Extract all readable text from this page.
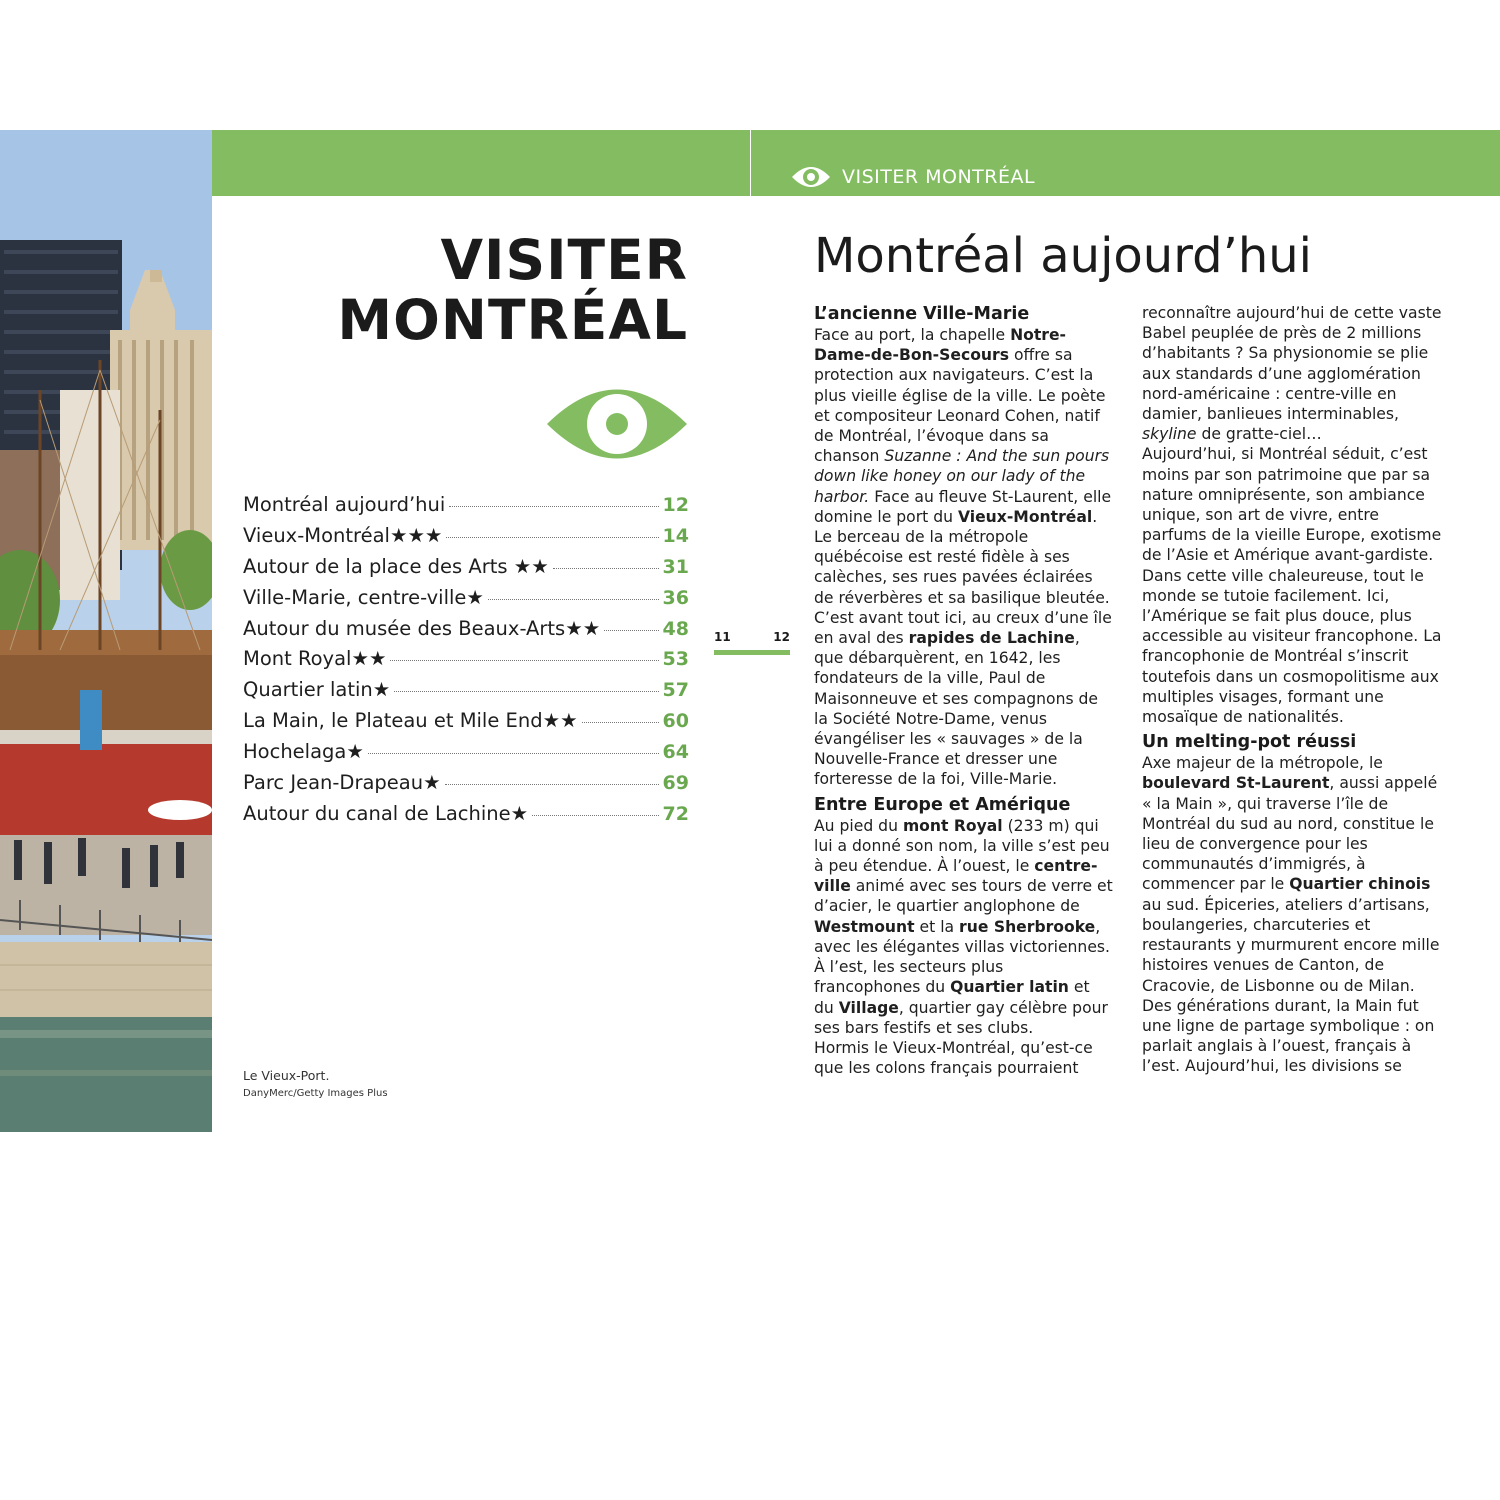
VISITER MONTRÉAL
VISITER
MONTRÉAL
Montréal aujourd’hui	12
Vieux-Montréal★★★	14
Autour de la place des Arts ★★	31
Ville-Marie, centre-ville★	36
Autour du musée des Beaux-Arts★★	48
Mont Royal★★	53
Quartier latin★	57
La Main, le Plateau et Mile End★★	60
Hochelaga★	64
Parc Jean-Drapeau★	69
Autour du canal de Lachine★	72
Le Vieux-Port.
DanyMerc/Getty Images Plus
11	12
Montréal aujourd’hui
L’ancienne Ville-Marie

Face au port, la chapelle Notre-Dame-de-Bon-Secours offre sa protection aux navigateurs. C’est la plus vieille église de la ville. Le poète et compositeur Leonard Cohen, natif de Montréal, l’évoque dans sa chanson Suzanne : And the sun pours down like honey on our lady of the harbor. Face au fleuve St-Laurent, elle domine le port du Vieux-Montréal. Le berceau de la métropole québécoise est resté fidèle à ses calèches, ses rues pavées éclairées de réverbères et sa basilique bleutée.

C’est avant tout ici, au creux d’une île en aval des rapides de Lachine, que débarquèrent, en 1642, les fondateurs de la ville, Paul de Maisonneuve et ses compagnons de la Société Notre-Dame, venus évangéliser les « sauvages » de la Nouvelle-France et dresser une forteresse de la foi, Ville-Marie.

Entre Europe et Amérique

Au pied du mont Royal (233 m) qui lui a donné son nom, la ville s’est peu à peu étendue. À l’ouest, le centre-ville animé avec ses tours de verre et d’acier, le quartier anglophone de Westmount et la rue Sherbrooke, avec les élégantes villas victoriennes. À l’est, les secteurs plus francophones du Quartier latin et du Village, quartier gay célèbre pour ses bars festifs et ses clubs.

Hormis le Vieux-Montréal, qu’est-ce que les colons français pourraient

reconnaître aujourd’hui de cette vaste Babel peuplée de près de 2 millions d’habitants ? Sa physionomie se plie aux standards d’une agglomération nord-américaine : centre-ville en damier, banlieues interminables, skyline de gratte-ciel…

Aujourd’hui, si Montréal séduit, c’est moins par son patrimoine que par sa nature omniprésente, son ambiance unique, son art de vivre, entre parfums de la vieille Europe, exotisme de l’Asie et Amérique avant-gardiste. Dans cette ville chaleureuse, tout le monde se tutoie facilement. Ici, l’Amérique se fait plus douce, plus accessible au visiteur francophone. La francophonie de Montréal s’inscrit toutefois dans un cosmopolitisme aux multiples visages, formant une mosaïque de nationalités.

Un melting-pot réussi

Axe majeur de la métropole, le boulevard St-Laurent, aussi appelé « la Main », qui traverse l’île de Montréal du sud au nord, constitue le lieu de convergence pour les communautés d’immigrés, à commencer par le Quartier chinois au sud. Épiceries, ateliers d’artisans, boulangeries, charcuteries et restaurants y murmurent encore mille histoires venues de Canton, de Cracovie, de Lisbonne ou de Milan. Des générations durant, la Main fut une ligne de partage symbolique : on parlait anglais à l’ouest, français à l’est. Aujourd’hui, les divisions se
